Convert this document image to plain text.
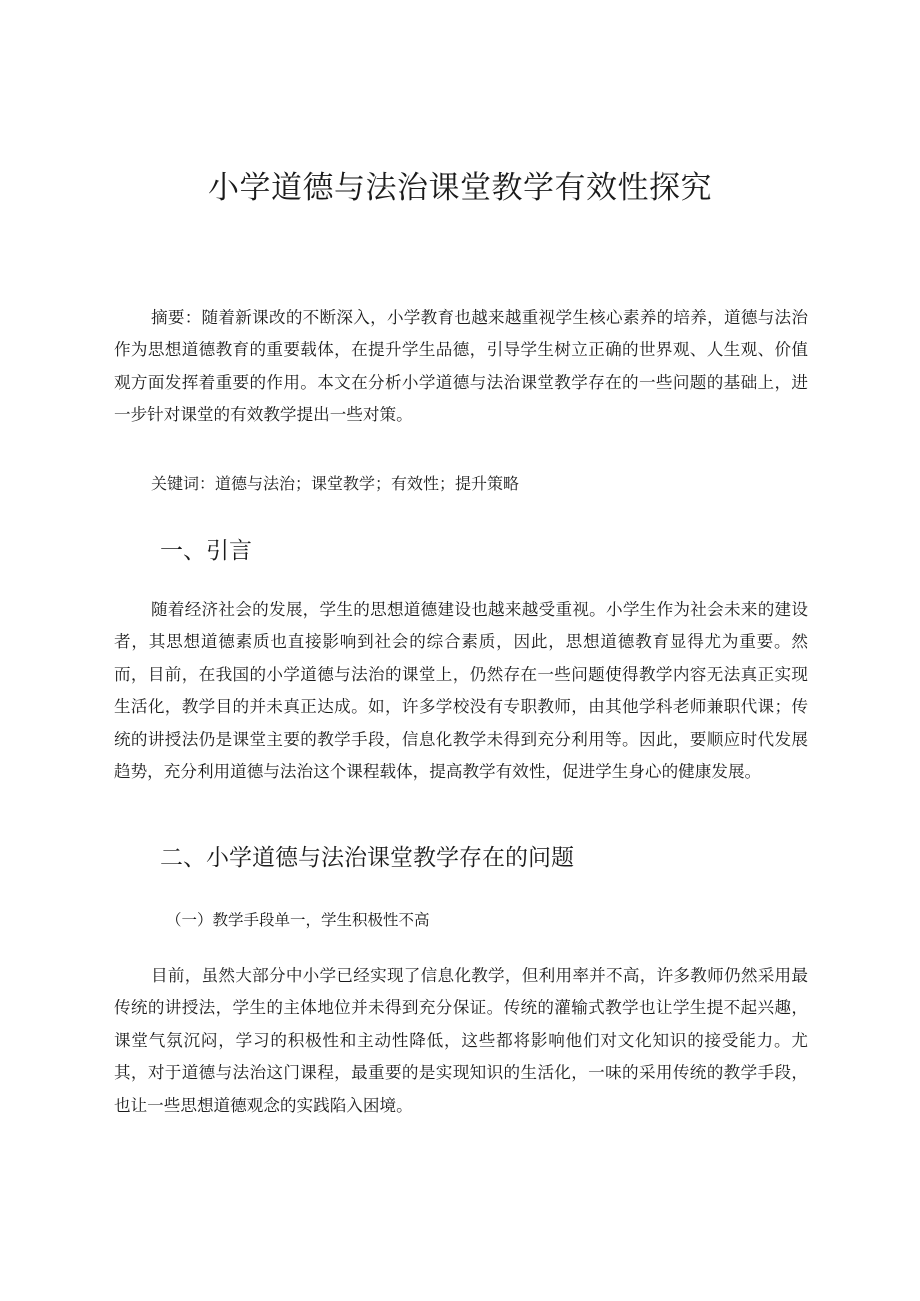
小学道德与法治课堂教学有效性探究

摘要：随着新课改的不断深入，小学教育也越来越重视学生核心素养的培养，道德与法治作为思想道德教育的重要载体，在提升学生品德，引导学生树立正确的世界观、人生观、价值观方面发挥着重要的作用。本文在分析小学道德与法治课堂教学存在的一些问题的基础上，进一步针对课堂的有效教学提出一些对策。

关键词：道德与法治；课堂教学；有效性；提升策略

一、引言

随着经济社会的发展，学生的思想道德建设也越来越受重视。小学生作为社会未来的建设者，其思想道德素质也直接影响到社会的综合素质，因此，思想道德教育显得尤为重要。然而，目前，在我国的小学道德与法治的课堂上，仍然存在一些问题使得教学内容无法真正实现生活化，教学目的并未真正达成。如，许多学校没有专职教师，由其他学科老师兼职代课；传统的讲授法仍是课堂主要的教学手段，信息化教学未得到充分利用等。因此，要顺应时代发展趋势，充分利用道德与法治这个课程载体，提高教学有效性，促进学生身心的健康发展。

二、小学道德与法治课堂教学存在的问题
（一）教学手段单一，学生积极性不高

目前，虽然大部分中小学已经实现了信息化教学，但利用率并不高，许多教师仍然采用最传统的讲授法，学生的主体地位并未得到充分保证。传统的灌输式教学也让学生提不起兴趣，课堂气氛沉闷，学习的积极性和主动性降低，这些都将影响他们对文化知识的接受能力。尤其，对于道德与法治这门课程，最重要的是实现知识的生活化，一味的采用传统的教学手段，也让一些思想道德观念的实践陷入困境。
